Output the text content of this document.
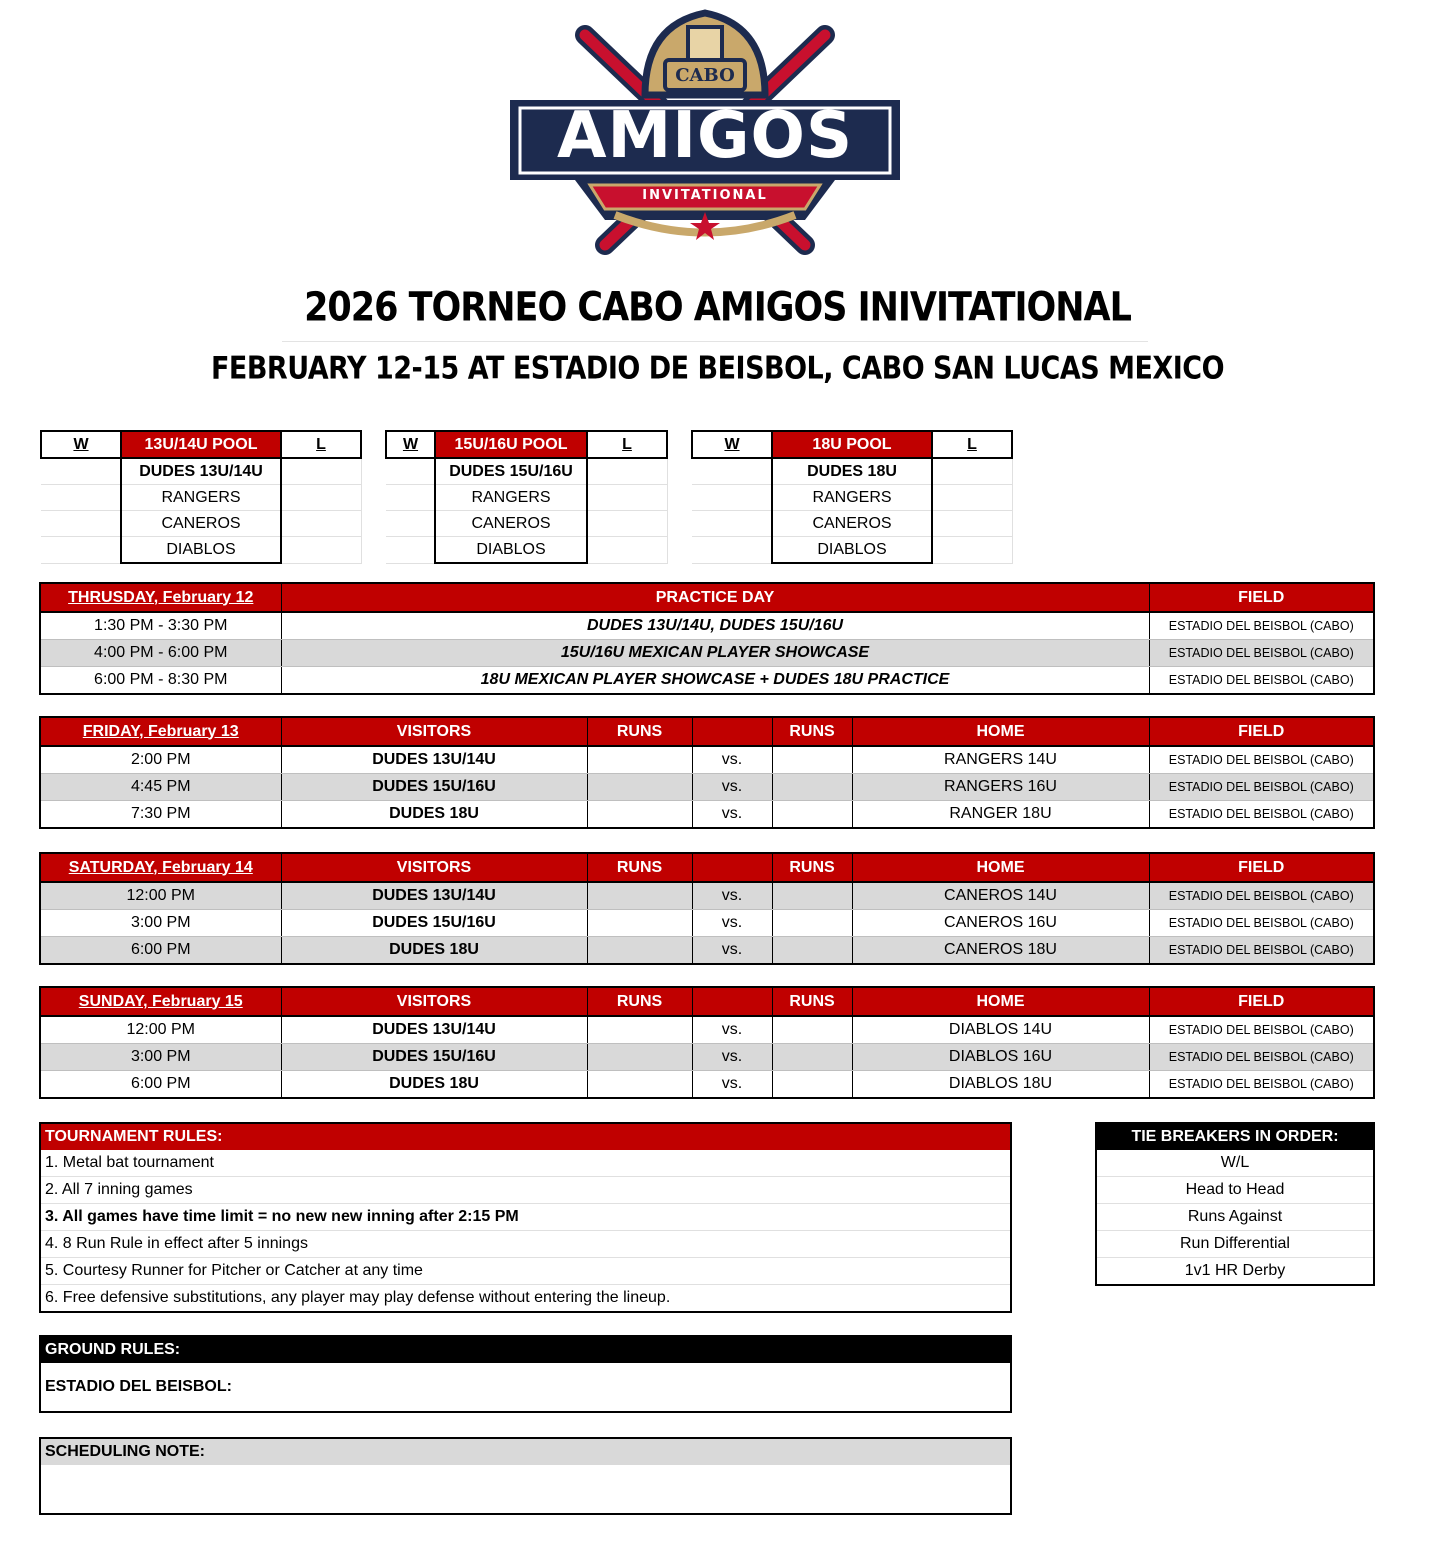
CABO
AMIGOS
INVITATIONAL
2026 TORNEO CABO AMIGOS INIVITATIONAL
FEBRUARY 12-15 AT ESTADIO DE BEISBOL, CABO SAN LUCAS MEXICO
W	13U/14U POOL	L
	DUDES 13U/14U	
	RANGERS	
	CANEROS	
	DIABLOS	
W	15U/16U POOL	L
	DUDES 15U/16U	
	RANGERS	
	CANEROS	
	DIABLOS	
W	18U POOL	L
	DUDES 18U	
	RANGERS	
	CANEROS	
	DIABLOS	
THRUSDAY, February 12	PRACTICE DAY	FIELD
1:30 PM - 3:30 PM	DUDES 13U/14U, DUDES 15U/16U	ESTADIO DEL BEISBOL (CABO)
4:00 PM - 6:00 PM	15U/16U MEXICAN PLAYER SHOWCASE	ESTADIO DEL BEISBOL (CABO)
6:00 PM - 8:30 PM	18U MEXICAN PLAYER SHOWCASE + DUDES 18U PRACTICE	ESTADIO DEL BEISBOL (CABO)
FRIDAY, February 13	VISITORS	RUNS		RUNS	HOME	FIELD
2:00 PM	DUDES 13U/14U		vs.		RANGERS 14U	ESTADIO DEL BEISBOL (CABO)
4:45 PM	DUDES 15U/16U		vs.		RANGERS 16U	ESTADIO DEL BEISBOL (CABO)
7:30 PM	DUDES 18U		vs.		RANGER 18U	ESTADIO DEL BEISBOL (CABO)
SATURDAY, February 14	VISITORS	RUNS		RUNS	HOME	FIELD
12:00 PM	DUDES 13U/14U		vs.		CANEROS 14U	ESTADIO DEL BEISBOL (CABO)
3:00 PM	DUDES 15U/16U		vs.		CANEROS 16U	ESTADIO DEL BEISBOL (CABO)
6:00 PM	DUDES 18U		vs.		CANEROS 18U	ESTADIO DEL BEISBOL (CABO)
SUNDAY, February 15	VISITORS	RUNS		RUNS	HOME	FIELD
12:00 PM	DUDES 13U/14U		vs.		DIABLOS 14U	ESTADIO DEL BEISBOL (CABO)
3:00 PM	DUDES 15U/16U		vs.		DIABLOS 16U	ESTADIO DEL BEISBOL (CABO)
6:00 PM	DUDES 18U		vs.		DIABLOS 18U	ESTADIO DEL BEISBOL (CABO)
TOURNAMENT RULES:
1. Metal bat tournament
2. All 7 inning games
3. All games have time limit = no new new inning after 2:15 PM
4. 8 Run Rule in effect after 5 innings
5. Courtesy Runner for Pitcher or Catcher at any time
6. Free defensive substitutions, any player may play defense without entering the lineup.
TIE BREAKERS IN ORDER:
W/L
Head to Head
Runs Against
Run Differential
1v1 HR Derby
GROUND RULES:
ESTADIO DEL BEISBOL:
SCHEDULING NOTE:
